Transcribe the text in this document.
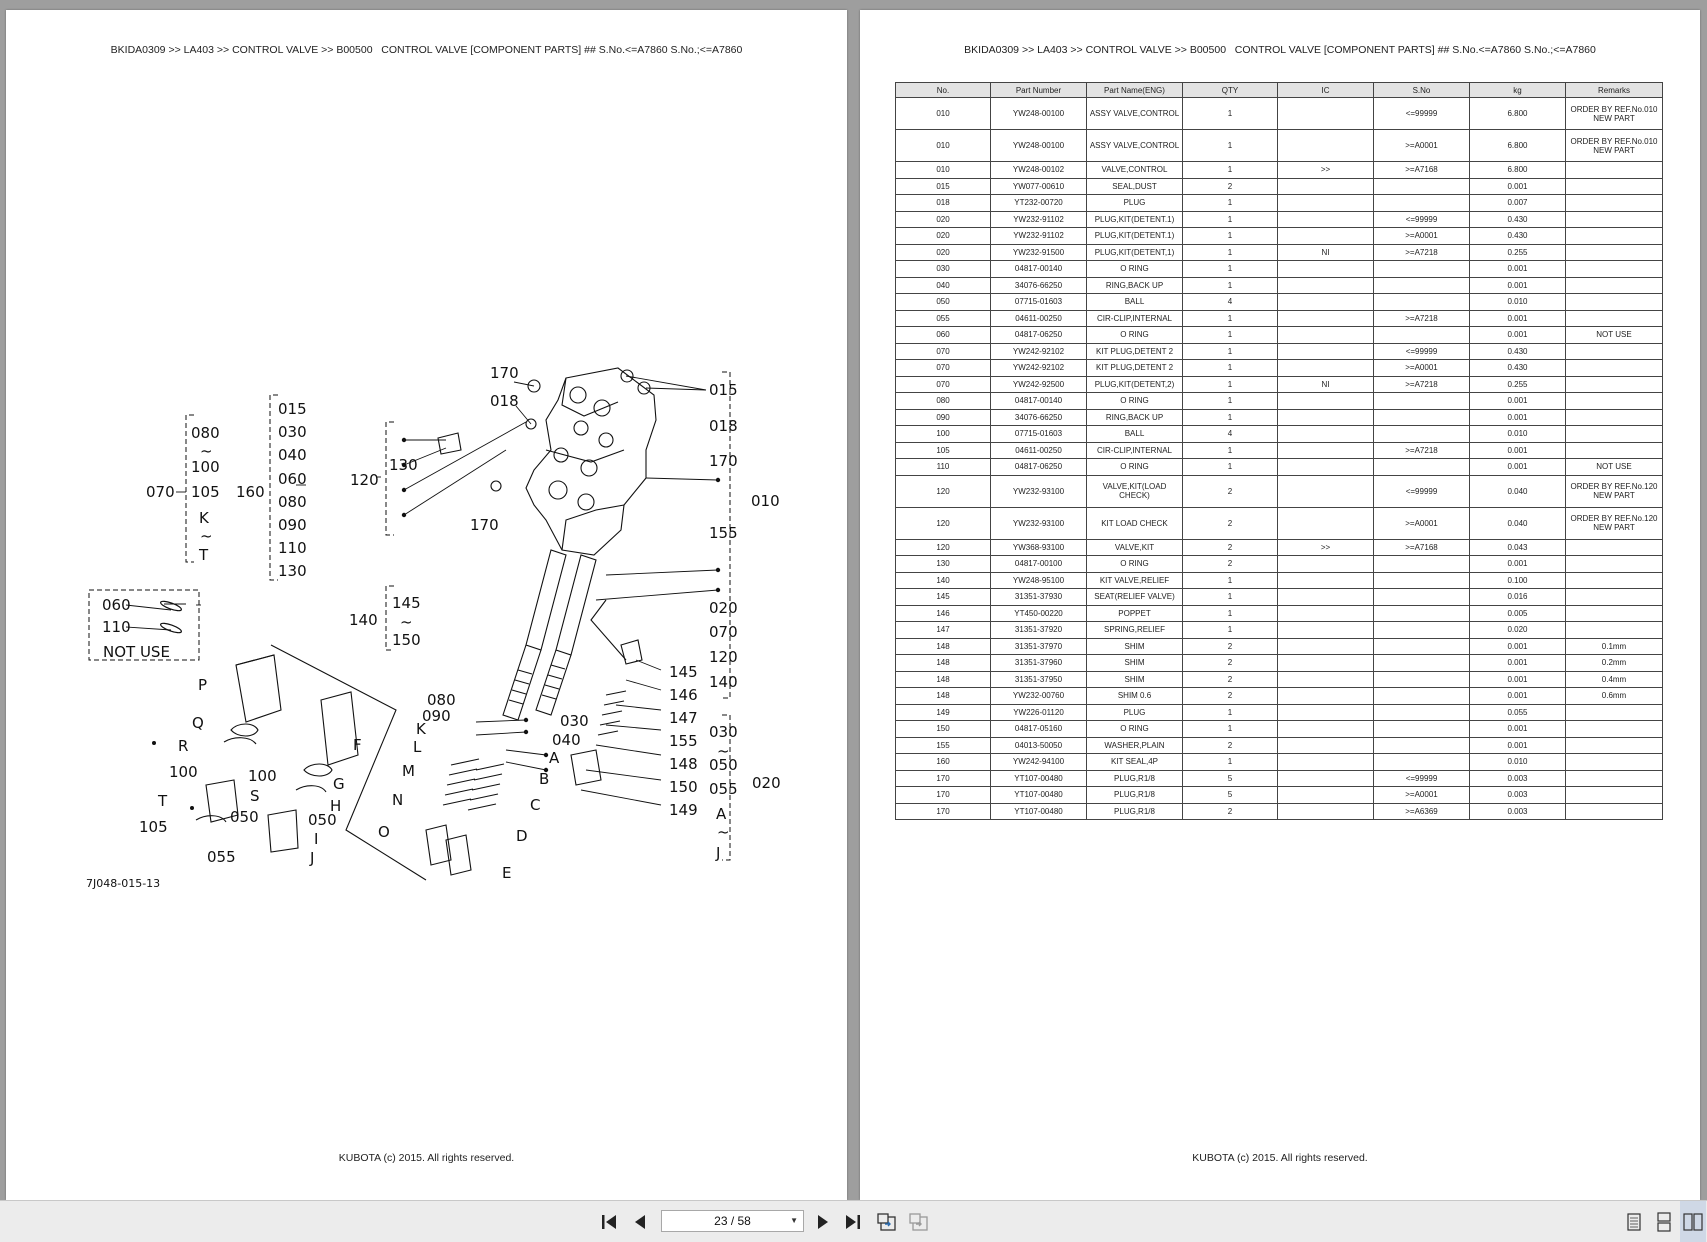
BKIDA0309 >> LA403 >> CONTROL VALVE >> B00500   CONTROL VALVE [COMPONENT PARTS] ## S.No.<=A7860 S.No.;<=A7860
170
018
015
018
170
130
120
170
010
155
020
070
120
140
145
~
150
140
080
090	030
040
K
L
M
N
O
A
B
C
D
E
145
146
147
155
148
150
149
030
~
050
055 020
A
~
J
015
030
040
060
080
090
110
130
160
080
~
100
105
K
~
T
070
060
110
P
Q
R
100	100
S
T
105
F
G
H
050	050
I
J
055
NOT USE
7J048-015-13
KUBOTA (c) 2015. All rights reserved.
BKIDA0309 >> LA403 >> CONTROL VALVE >> B00500   CONTROL VALVE [COMPONENT PARTS] ## S.No.<=A7860 S.No.;<=A7860
No.	Part Number	Part Name(ENG)	QTY	IC	S.No	kg	Remarks
010	YW248-00100	ASSY VALVE,CONTROL	1		<=99999	6.800	ORDER BY REF.No.010 NEW PART
010	YW248-00100	ASSY VALVE,CONTROL	1		>=A0001	6.800	ORDER BY REF.No.010 NEW PART
010	YW248-00102	VALVE,CONTROL	1	>>	>=A7168	6.800	
015	YW077-00610	SEAL,DUST	2			0.001	
018	YT232-00720	PLUG	1			0.007	
020	YW232-91102	PLUG,KIT(DETENT.1)	1		<=99999	0.430	
020	YW232-91102	PLUG,KIT(DETENT.1)	1		>=A0001	0.430	
020	YW232-91500	PLUG,KIT(DETENT,1)	1	NI	>=A7218	0.255	
030	04817-00140	O RING	1			0.001	
040	34076-66250	RING,BACK UP	1			0.001	
050	07715-01603	BALL	4			0.010	
055	04611-00250	CIR-CLIP,INTERNAL	1		>=A7218	0.001	
060	04817-06250	O RING	1			0.001	NOT USE
070	YW242-92102	KIT PLUG,DETENT 2	1		<=99999	0.430	
070	YW242-92102	KIT PLUG,DETENT 2	1		>=A0001	0.430	
070	YW242-92500	PLUG,KIT(DETENT,2)	1	NI	>=A7218	0.255	
080	04817-00140	O RING	1			0.001	
090	34076-66250	RING,BACK UP	1			0.001	
100	07715-01603	BALL	4			0.010	
105	04611-00250	CIR-CLIP,INTERNAL	1		>=A7218	0.001	
110	04817-06250	O RING	1			0.001	NOT USE
120	YW232-93100	VALVE,KIT(LOAD CHECK)	2		<=99999	0.040	ORDER BY REF.No.120 NEW PART
120	YW232-93100	KIT LOAD CHECK	2		>=A0001	0.040	ORDER BY REF.No.120 NEW PART
120	YW368-93100	VALVE,KIT	2	>>	>=A7168	0.043	
130	04817-00100	O RING	2			0.001	
140	YW248-95100	KIT VALVE,RELIEF	1			0.100	
145	31351-37930	SEAT(RELIEF VALVE)	1			0.016	
146	YT450-00220	POPPET	1			0.005	
147	31351-37920	SPRING,RELIEF	1			0.020	
148	31351-37970	SHIM	2			0.001	0.1mm
148	31351-37960	SHIM	2			0.001	0.2mm
148	31351-37950	SHIM	2			0.001	0.4mm
148	YW232-00760	SHIM 0.6	2			0.001	0.6mm
149	YW226-01120	PLUG	1			0.055	
150	04817-05160	O RING	1			0.001	
155	04013-50050	WASHER,PLAIN	2			0.001	
160	YW242-94100	KIT SEAL,4P	1			0.010	
170	YT107-00480	PLUG,R1/8	5		<=99999	0.003	
170	YT107-00480	PLUG,R1/8	5		>=A0001	0.003	
170	YT107-00480	PLUG,R1/8	2		>=A6369	0.003	
KUBOTA (c) 2015. All rights reserved.
23 / 58	▼
